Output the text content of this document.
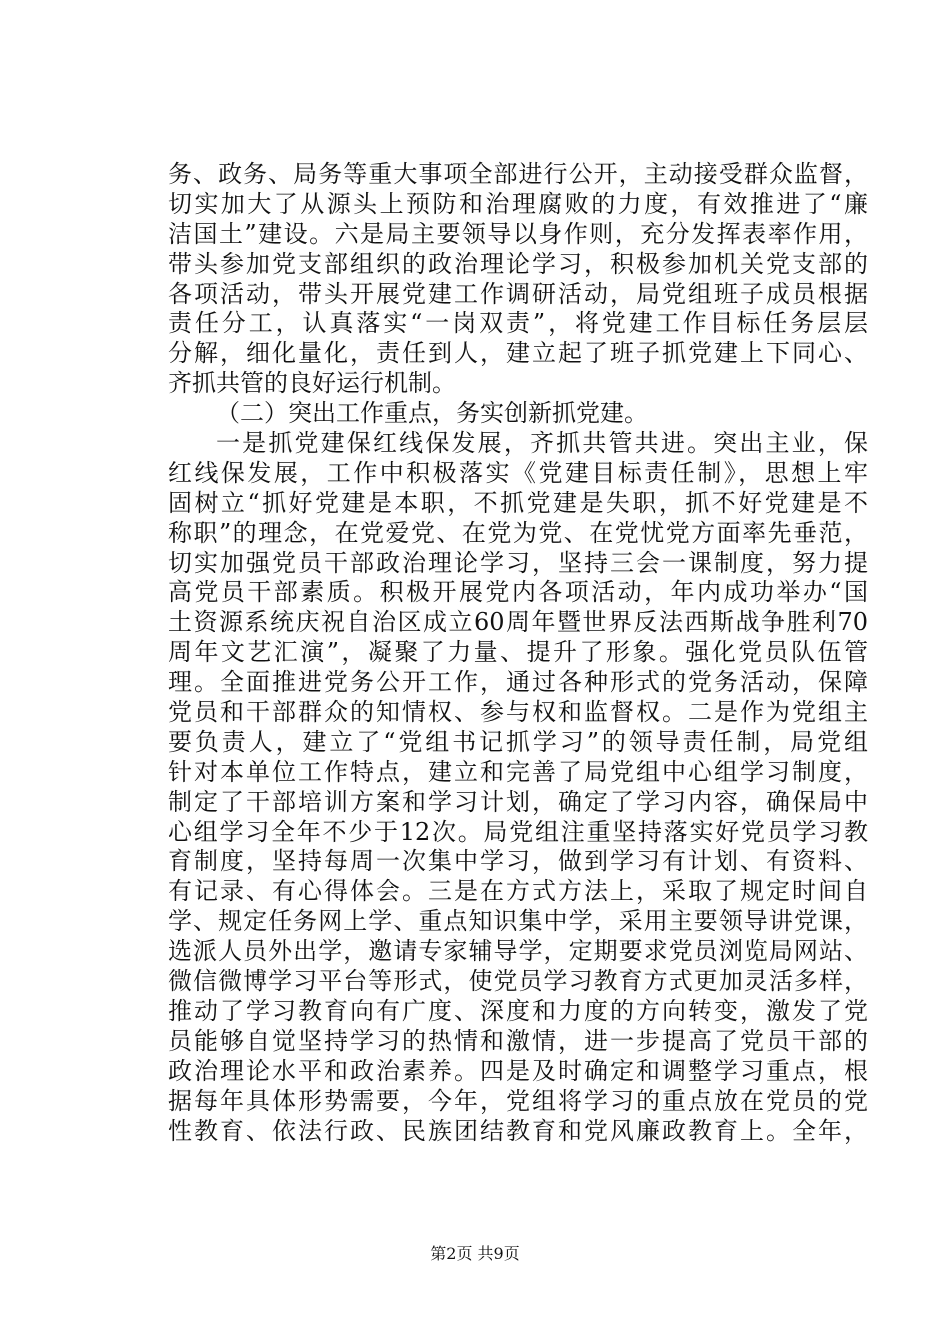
务、政务、局务等重大事项全部进行公开，主动接受群众监督，
切实加大了从源头上预防和治理腐败的力度，有效推进了“廉
洁国土”建设。六是局主要领导以身作则，充分发挥表率作用，
带头参加党支部组织的政治理论学习，积极参加机关党支部的
各项活动，带头开展党建工作调研活动，局党组班子成员根据
责任分工，认真落实“一岗双责”，将党建工作目标任务层层
分解，细化量化，责任到人，建立起了班子抓党建上下同心、
齐抓共管的良好运行机制。
（二）突出工作重点，务实创新抓党建。
一是抓党建保红线保发展，齐抓共管共进。突出主业，保
红线保发展，工作中积极落实《党建目标责任制》，思想上牢
固树立“抓好党建是本职，不抓党建是失职，抓不好党建是不
称职”的理念，在党爱党、在党为党、在党忧党方面率先垂范，
切实加强党员干部政治理论学习，坚持三会一课制度，努力提
高党员干部素质。积极开展党内各项活动，年内成功举办“国
土资源系统庆祝自治区成立60周年暨世界反法西斯战争胜利70
周年文艺汇演”，凝聚了力量、提升了形象。强化党员队伍管
理。全面推进党务公开工作，通过各种形式的党务活动，保障
党员和干部群众的知情权、参与权和监督权。二是作为党组主
要负责人，建立了“党组书记抓学习”的领导责任制，局党组
针对本单位工作特点，建立和完善了局党组中心组学习制度，
制定了干部培训方案和学习计划，确定了学习内容，确保局中
心组学习全年不少于12次。局党组注重坚持落实好党员学习教
育制度，坚持每周一次集中学习，做到学习有计划、有资料、
有记录、有心得体会。三是在方式方法上，采取了规定时间自
学、规定任务网上学、重点知识集中学，采用主要领导讲党课，
选派人员外出学，邀请专家辅导学，定期要求党员浏览局网站、
微信微博学习平台等形式，使党员学习教育方式更加灵活多样，
推动了学习教育向有广度、深度和力度的方向转变，激发了党
员能够自觉坚持学习的热情和激情，进一步提高了党员干部的
政治理论水平和政治素养。四是及时确定和调整学习重点，根
据每年具体形势需要，今年，党组将学习的重点放在党员的党
性教育、依法行政、民族团结教育和党风廉政教育上。全年，
第2页 共9页
